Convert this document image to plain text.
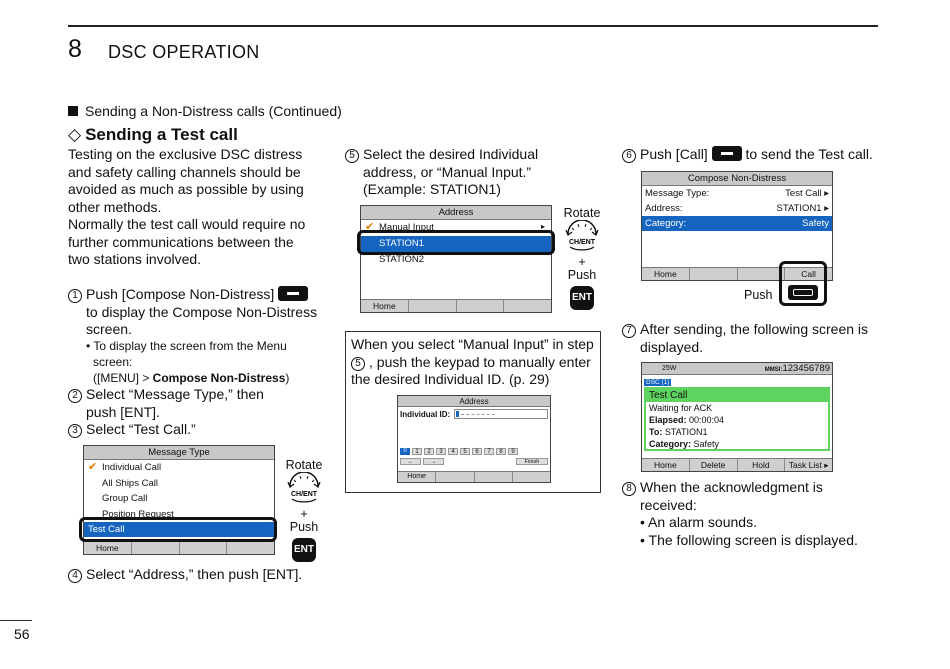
8 DSC OPERATION
Sending a Non-Distress calls (Continued)
◇ Sending a Test call
Testing on the exclusive DSC distress
and safety calling channels should be
avoided as much as possible by using
other methods.
Normally the test call would require no
further communications between the
two stations involved.
1 Push [Compose Non-Distress]
to display the Compose Non-Distress
screen.
• To display the screen from the Menu
screen:
([MENU] > Compose Non-Distress)
2 Select “Message Type,” then
push [ENT].
3 Select “Test Call.”
Message Type
✔ Individual Call
All Ships Call
Group Call
Position Request
Test Call
Home
Rotate
CH/ENT
+
Push
ENT
4 Select “Address,” then push [ENT].
5 Select the desired Individual
address, or “Manual Input.”
(Example: STATION1)
Address
✔ Manual Input
STATION1
STATION2
Home
▸
Rotate
CH/ENT
+
Push
ENT
When you select “Manual Input” in step
5 , push the keypad to manually enter
the desired Individual ID. (p. 29)
Address
Individual ID:
0	1	2	3	4	5	6	7	8	9
←	→	Finish
Home
6 Push [Call]	to send the Test call.
Compose Non-Distress
Message Type:	Test Call ▸
Address:	STATION1 ▸
Category:	Safety
Home	Call
Push
7 After sending, the following screen is
displayed.
25W	MMSI:123456789
DSC (1)
Test Call
Waiting for ACK
Elapsed: 00:00:04
To: STATION1
Category: Safety
Home	Delete	Hold	Task List ▸
8 When the acknowledgment is
received:
• An alarm sounds.
• The following screen is displayed.
56
